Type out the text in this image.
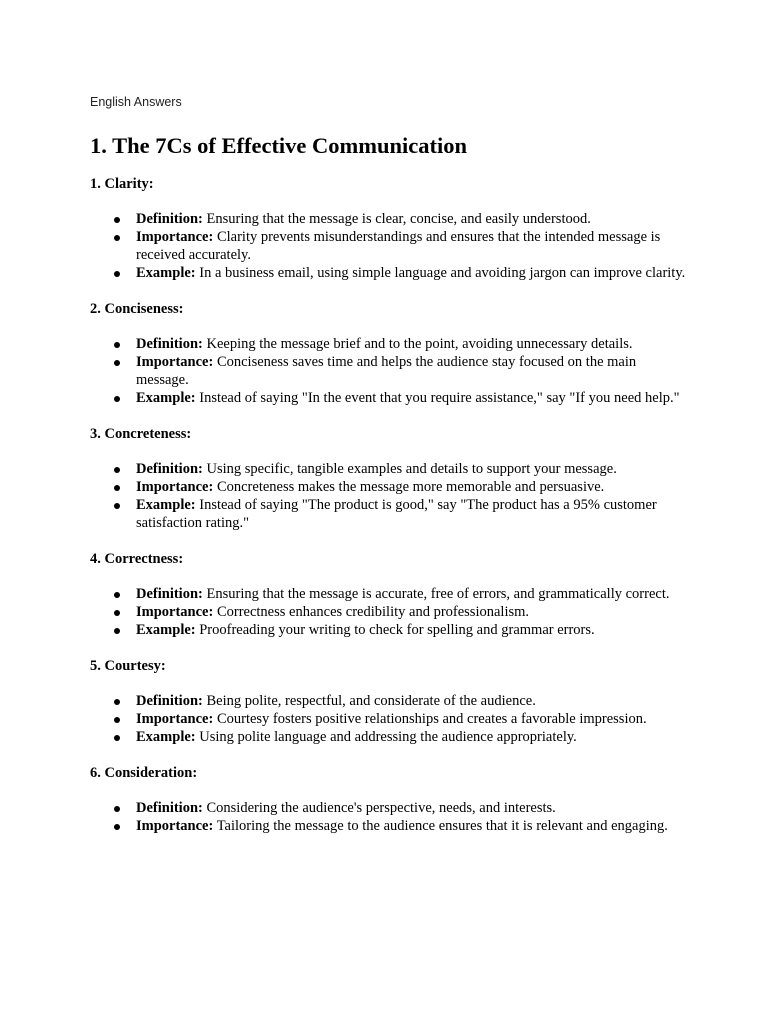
English Answers
1. The 7Cs of Effective Communication
1. Clarity:
Definition: Ensuring that the message is clear, concise, and easily understood.
Importance: Clarity prevents misunderstandings and ensures that the intended message is received accurately.
Example: In a business email, using simple language and avoiding jargon can improve clarity.
2. Conciseness:
Definition: Keeping the message brief and to the point, avoiding unnecessary details.
Importance: Conciseness saves time and helps the audience stay focused on the main message.
Example: Instead of saying "In the event that you require assistance," say "If you need help."
3. Concreteness:
Definition: Using specific, tangible examples and details to support your message.
Importance: Concreteness makes the message more memorable and persuasive.
Example: Instead of saying "The product is good," say "The product has a 95% customer satisfaction rating."
4. Correctness:
Definition: Ensuring that the message is accurate, free of errors, and grammatically correct.
Importance: Correctness enhances credibility and professionalism.
Example: Proofreading your writing to check for spelling and grammar errors.
5. Courtesy:
Definition: Being polite, respectful, and considerate of the audience.
Importance: Courtesy fosters positive relationships and creates a favorable impression.
Example: Using polite language and addressing the audience appropriately.
6. Consideration:
Definition: Considering the audience's perspective, needs, and interests.
Importance: Tailoring the message to the audience ensures that it is relevant and engaging.
